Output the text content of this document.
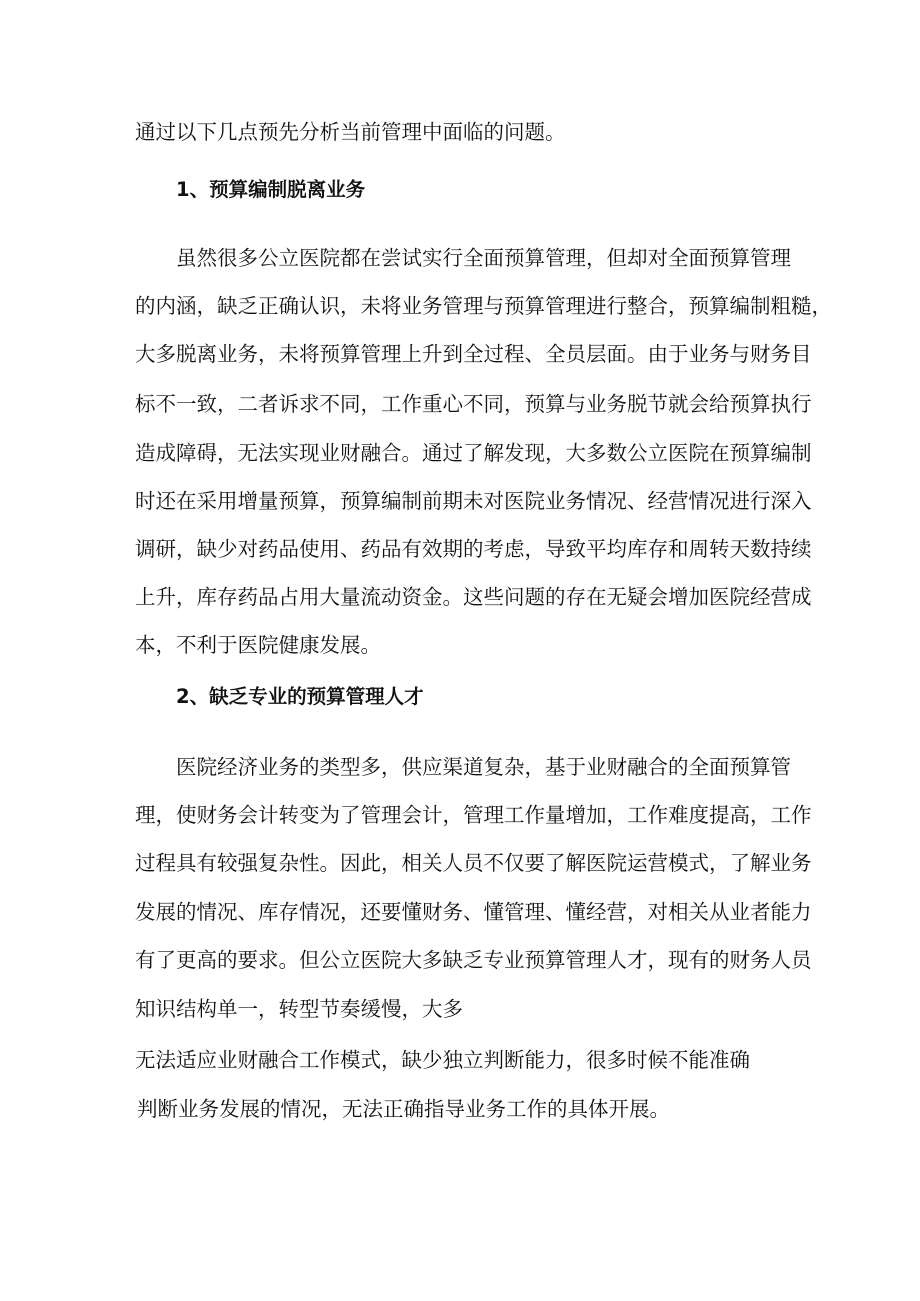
通过以下几点预先分析当前管理中面临的问题。
1、预算编制脱离业务
虽然很多公立医院都在尝试实行全面预算管理，但却对全面预算管理
的内涵，缺乏正确认识，未将业务管理与预算管理进行整合，预算编制粗糙，
大多脱离业务，未将预算管理上升到全过程、全员层面。由于业务与财务目
标不一致，二者诉求不同，工作重心不同，预算与业务脱节就会给预算执行
造成障碍，无法实现业财融合。通过了解发现，大多数公立医院在预算编制
时还在采用增量预算，预算编制前期未对医院业务情况、经营情况进行深入
调研，缺少对药品使用、药品有效期的考虑，导致平均库存和周转天数持续
上升，库存药品占用大量流动资金。这些问题的存在无疑会增加医院经营成
本，不利于医院健康发展。
2、缺乏专业的预算管理人才
医院经济业务的类型多，供应渠道复杂，基于业财融合的全面预算管
理，使财务会计转变为了管理会计，管理工作量增加，工作难度提高，工作
过程具有较强复杂性。因此，相关人员不仅要了解医院运营模式，了解业务
发展的情况、库存情况，还要懂财务、懂管理、懂经营，对相关从业者能力
有了更高的要求。但公立医院大多缺乏专业预算管理人才，现有的财务人员
知识结构单一，转型节奏缓慢，大多
无法适应业财融合工作模式，缺少独立判断能力，很多时候不能准确
判断业务发展的情况，无法正确指导业务工作的具体开展。
